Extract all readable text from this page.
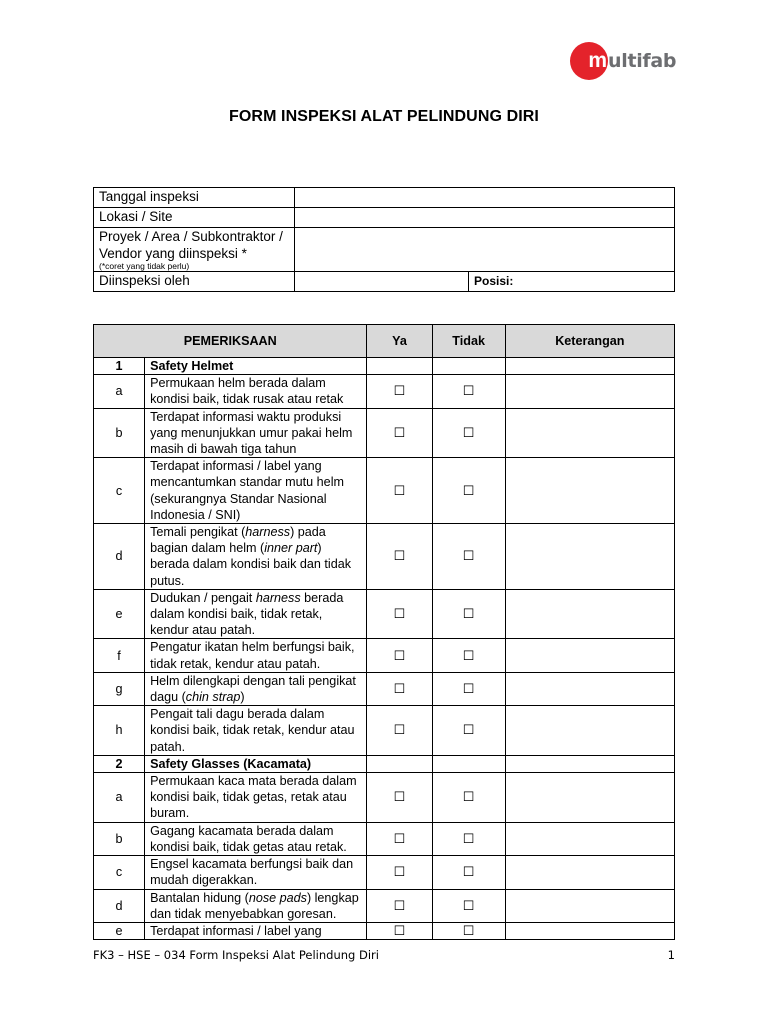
m ultifab
FORM INSPEKSI ALAT PELINDUNG DIRI
Tanggal inspeksi		
Lokasi / Site		
Proyek / Area / Subkontraktor / Vendor yang diinspeksi *
(*coret yang tidak perlu)		

Diinspeksi oleh		Posisi:
PEMERIKSAAN		Ya	Tidak	Keterangan
1	Safety Helmet			
a	Permukaan helm berada dalam kondisi baik, tidak rusak atau retak	☐	☐	
b	Terdapat informasi waktu produksi yang menunjukkan umur pakai helm masih di bawah tiga tahun	☐	☐	
c	Terdapat informasi / label yang mencantumkan standar mutu helm (sekurangnya Standar Nasional Indonesia / SNI)	☐	☐	
d	Temali pengikat (harness) pada bagian dalam helm (inner part) berada dalam kondisi baik dan tidak putus.	☐	☐	
e	Dudukan / pengait harness berada dalam kondisi baik, tidak retak, kendur atau patah.	☐	☐	
f	Pengatur ikatan helm berfungsi baik, tidak retak, kendur atau patah.	☐	☐	
g	Helm dilengkapi dengan tali pengikat dagu (chin strap)	☐	☐	
h	Pengait tali dagu berada dalam kondisi baik, tidak retak, kendur atau patah.	☐	☐	
2	Safety Glasses (Kacamata)			
a	Permukaan kaca mata berada dalam kondisi baik, tidak getas, retak atau buram.	☐	☐	
b	Gagang kacamata berada dalam kondisi baik, tidak getas atau retak.	☐	☐	
c	Engsel kacamata berfungsi baik dan mudah digerakkan.	☐	☐	
d	Bantalan hidung (nose pads) lengkap dan tidak menyebabkan goresan.	☐	☐	
e	Terdapat informasi / label yang	☐	☐	
FK3 – HSE – 034 Form Inspeksi Alat Pelindung Diri	1
